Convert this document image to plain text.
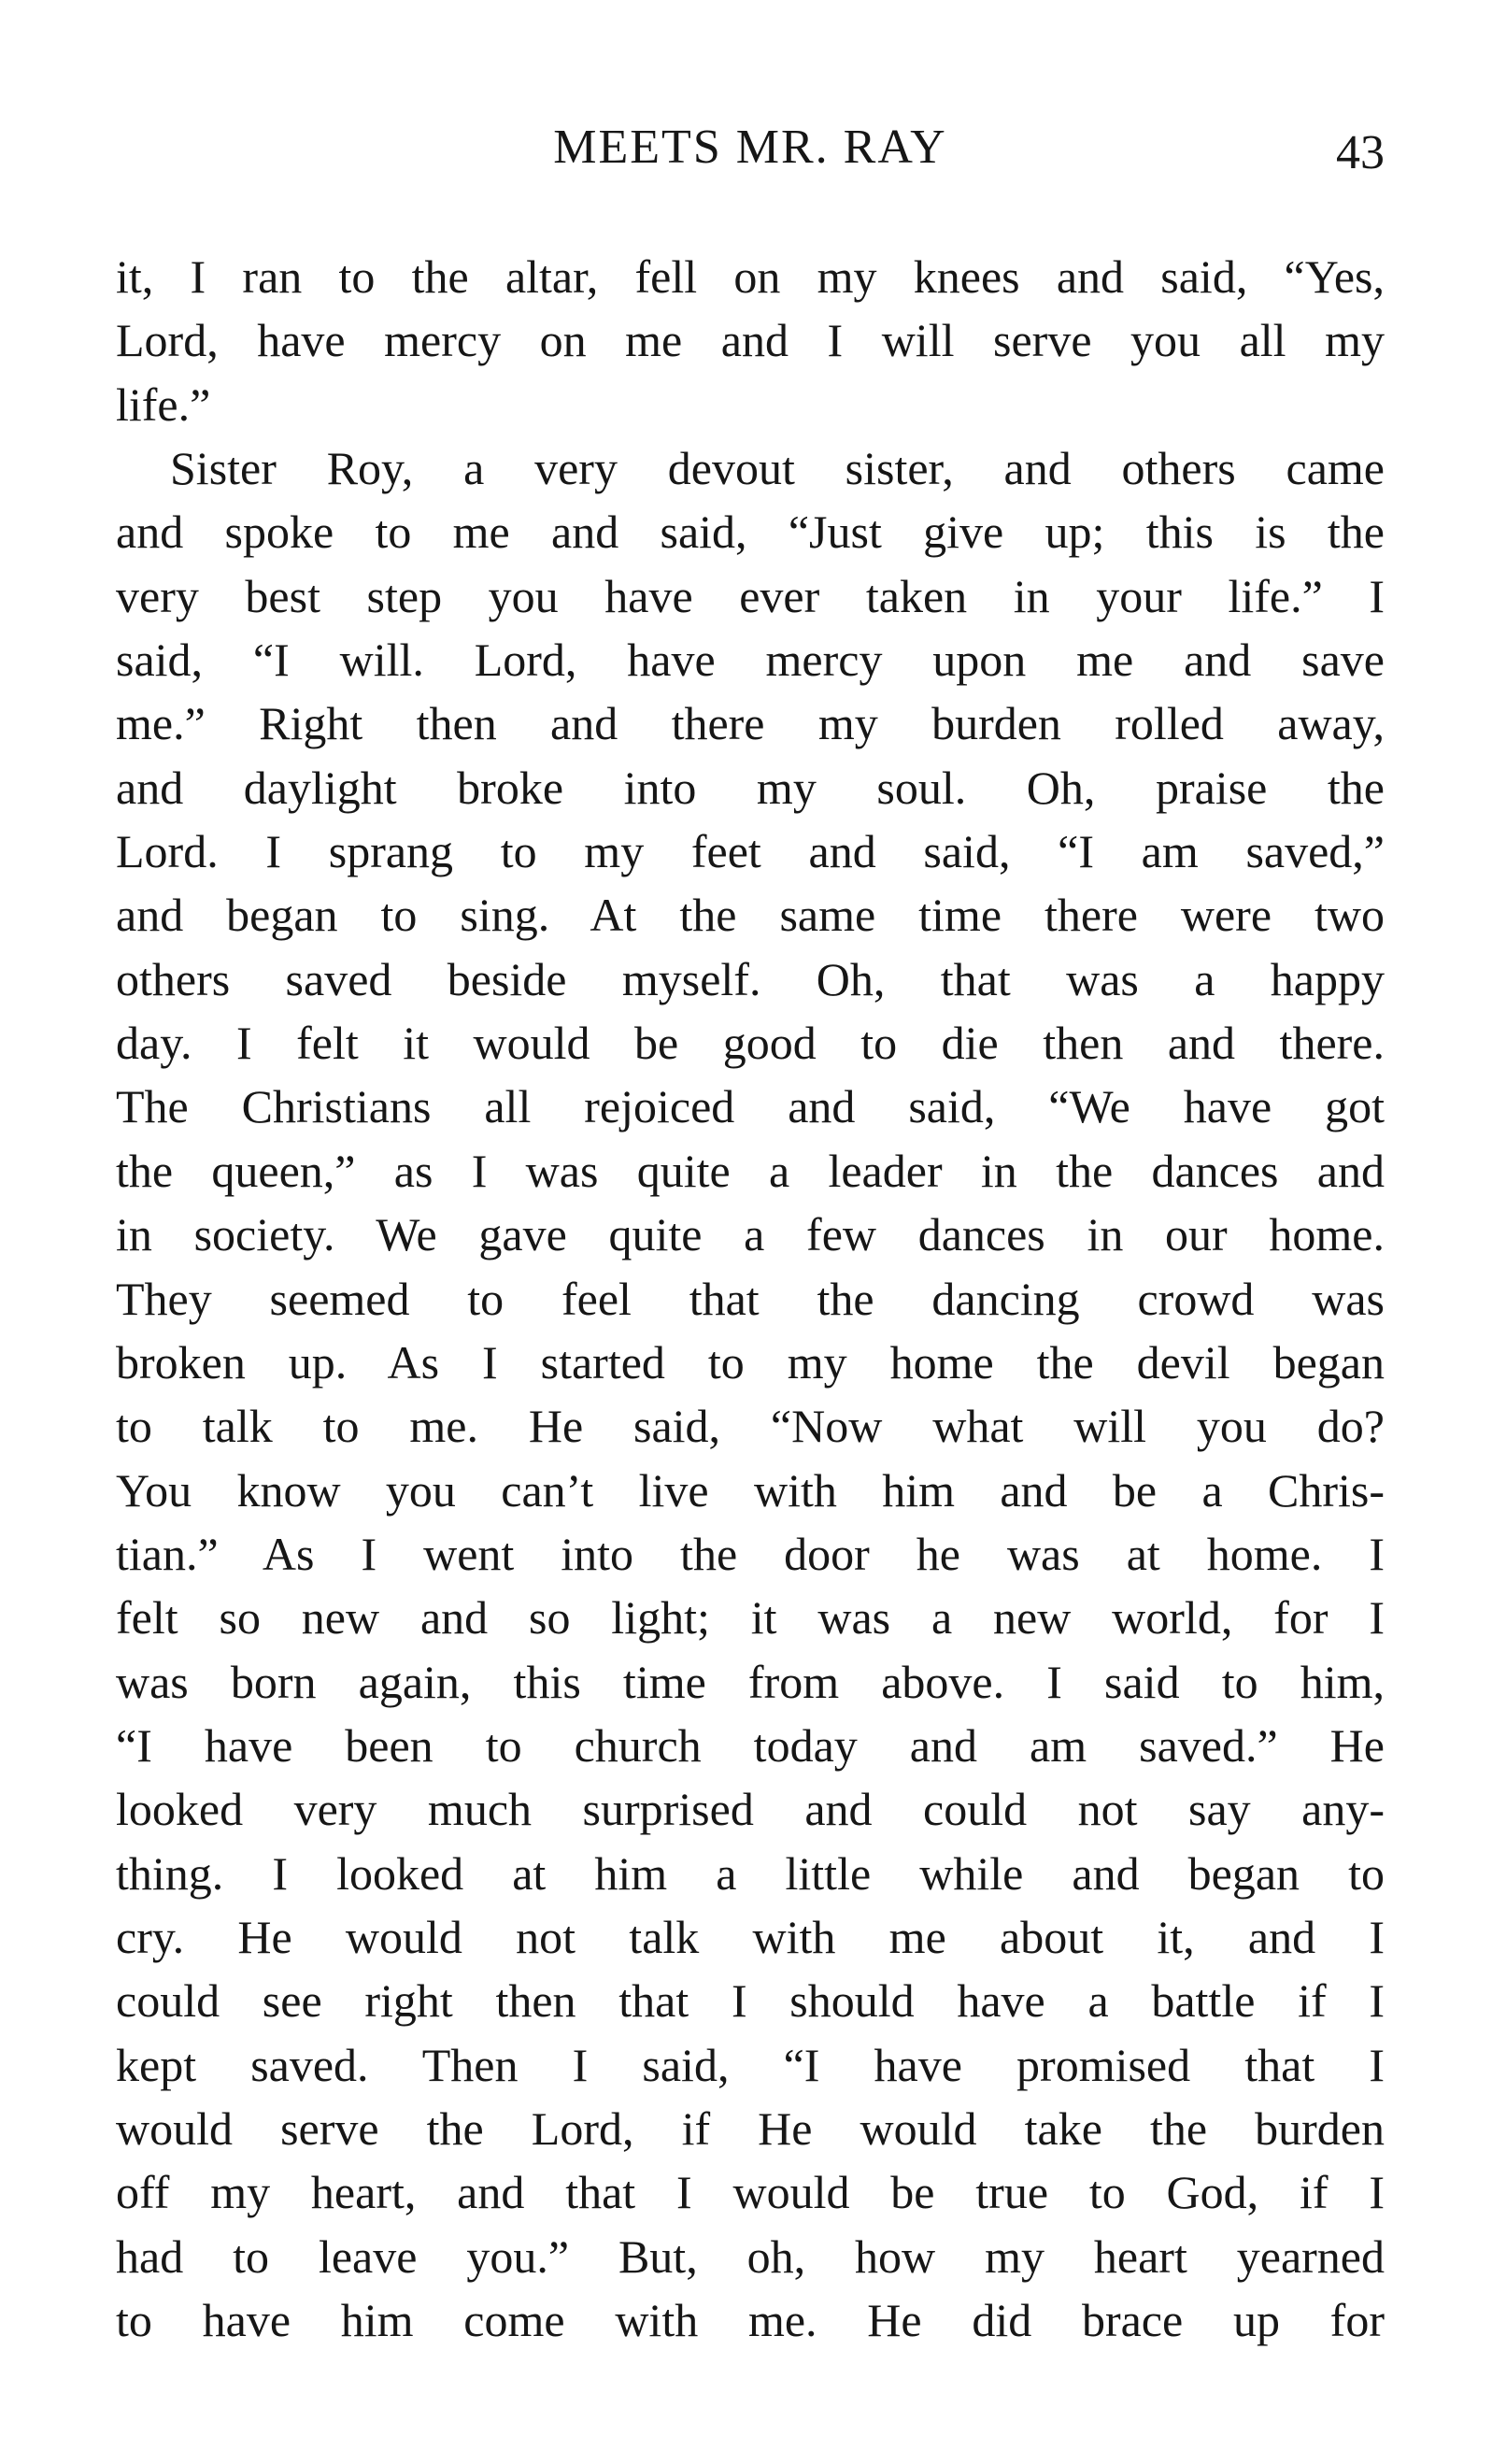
MEETS MR. RAY	43
it, I ran to the altar, fell on my knees and said, “Yes,
Lord, have mercy on me and I will serve you all my
life.”
Sister Roy, a very devout sister, and others came
and spoke to me and said, “Just give up; this is the
very best step you have ever taken in your life.” I
said, “I will. Lord, have mercy upon me and save
me.” Right then and there my burden rolled away,
and daylight broke into my soul. Oh, praise the
Lord. I sprang to my feet and said, “I am saved,”
and began to sing. At the same time there were two
others saved beside myself. Oh, that was a happy
day. I felt it would be good to die then and there.
The Christians all rejoiced and said, “We have got
the queen,” as I was quite a leader in the dances and
in society. We gave quite a few dances in our home.
They seemed to feel that the dancing crowd was
broken up. As I started to my home the devil began
to talk to me. He said, “Now what will you do?
You know you can’t live with him and be a Chris-
tian.” As I went into the door he was at home. I
felt so new and so light; it was a new world, for I
was born again, this time from above. I said to him,
“I have been to church today and am saved.” He
looked very much surprised and could not say any-
thing. I looked at him a little while and began to
cry. He would not talk with me about it, and I
could see right then that I should have a battle if I
kept saved. Then I said, “I have promised that I
would serve the Lord, if He would take the burden
off my heart, and that I would be true to God, if I
had to leave you.” But, oh, how my heart yearned
to have him come with me. He did brace up for
